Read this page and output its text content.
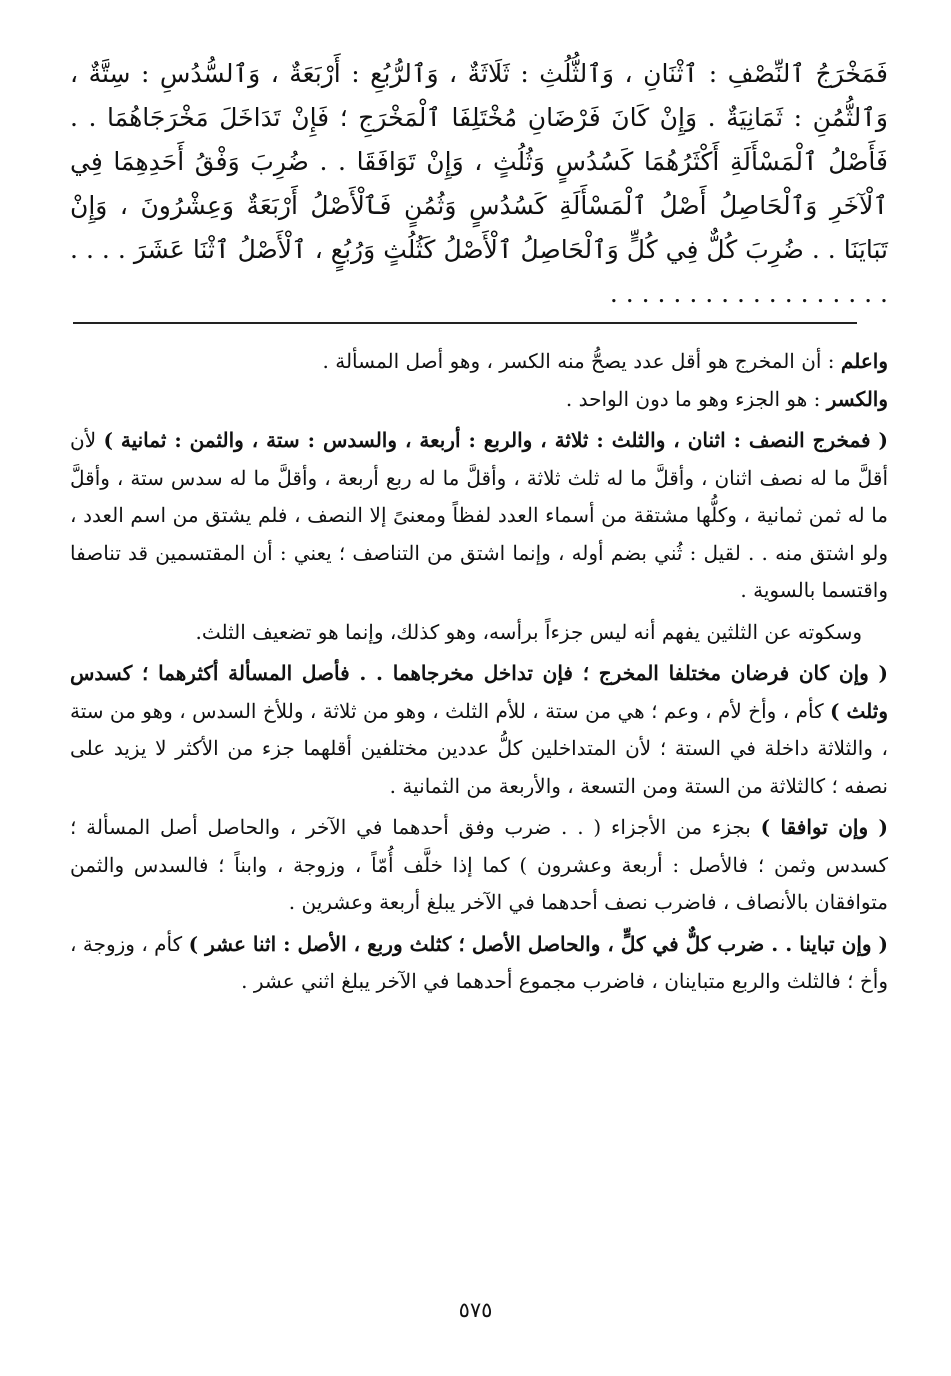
فَمَخْرَجُ ٱلنِّصْفِ : ٱثْنَانِ ، وَٱلثُّلُثِ : ثَلَاثَةٌ ، وَٱلرُّبُعِ : أَرْبَعَةٌ ، وَٱلسُّدُسِ : سِتَّةٌ ، وَٱلثُّمُنِ : ثَمَانِيَةٌ . وَإِنْ كَانَ فَرْضَانِ مُخْتَلِفَا ٱلْمَخْرَجِ ؛ فَإِنْ تَدَاخَلَ مَخْرَجَاهُمَا . . فَأَصْلُ ٱلْمَسْأَلَةِ أَكْثَرُهُمَا كَسُدُسٍ وَثُلُثٍ ، وَإِنْ تَوَافَقَا . . ضُرِبَ وَفْقُ أَحَدِهِمَا فِي ٱلْآخَرِ وَٱلْحَاصِلُ أَصْلُ ٱلْمَسْأَلَةِ كَسُدُسٍ وَثُمُنٍ فَٱلْأَصْلُ أَرْبَعَةٌ وَعِشْرُونَ ، وَإِنْ تَبَايَنَا . . ضُرِبَ كُلٌّ فِي كُلٍّ وَٱلْحَاصِلُ ٱلْأَصْلُ كَثُلُثٍ وَرُبُعٍ ، ٱلْأَصْلُ ٱثْنَا عَشَرَ . . . . . . . . . . . . . . . . . . . . . .

واعلم : أن المخرج هو أقل عدد يصحُّ منه الكسر ، وهو أصل المسألة .

والكسر : هو الجزء وهو ما دون الواحد .

( فمخرج النصف : اثنان ، والثلث : ثلاثة ، والربع : أربعة ، والسدس : ستة ، والثمن : ثمانية ) لأن أقلَّ ما له نصف اثنان ، وأقلَّ ما له ثلث ثلاثة ، وأقلَّ ما له ربع أربعة ، وأقلَّ ما له سدس ستة ، وأقلَّ ما له ثمن ثمانية ، وكلُّها مشتقة من أسماء العدد لفظاً ومعنىً إلا النصف ، فلم يشتق من اسم العدد ، ولو اشتق منه . . لقيل : ثُني بضم أوله ، وإنما اشتق من التناصف ؛ يعني : أن المقتسمين قد تناصفا واقتسما بالسوية .

وسكوته عن الثلثين يفهم أنه ليس جزءاً برأسه، وهو كذلك، وإنما هو تضعيف الثلث.

( وإن كان فرضان مختلفا المخرج ؛ فإن تداخل مخرجاهما . . فأصل المسألة أكثرهما ؛ كسدس وثلث ) كأم ، وأخ لأم ، وعم ؛ هي من ستة ، للأم الثلث ، وهو من ثلاثة ، وللأخ السدس ، وهو من ستة ، والثلاثة داخلة في الستة ؛ لأن المتداخلين كلُّ عددين مختلفين أقلهما جزء من الأكثر لا يزيد على نصفه ؛ كالثلاثة من الستة ومن التسعة ، والأربعة من الثمانية .

( وإن توافقا ) بجزء من الأجزاء ( . . ضرب وفق أحدهما في الآخر ، والحاصل أصل المسألة ؛ كسدس وثمن ؛ فالأصل : أربعة وعشرون ) كما إذا خلَّف أُمّاً ، وزوجة ، وابناً ؛ فالسدس والثمن متوافقان بالأنصاف ، فاضرب نصف أحدهما في الآخر يبلغ أربعة وعشرين .

( وإن تباينا . . ضرب كلٌّ في كلٍّ ، والحاصل الأصل ؛ كثلث وربع ، الأصل : اثنا عشر ) كأم ، وزوجة ، وأخ ؛ فالثلث والربع متباينان ، فاضرب مجموع أحدهما في الآخر يبلغ اثني عشر .

٥٧٥
